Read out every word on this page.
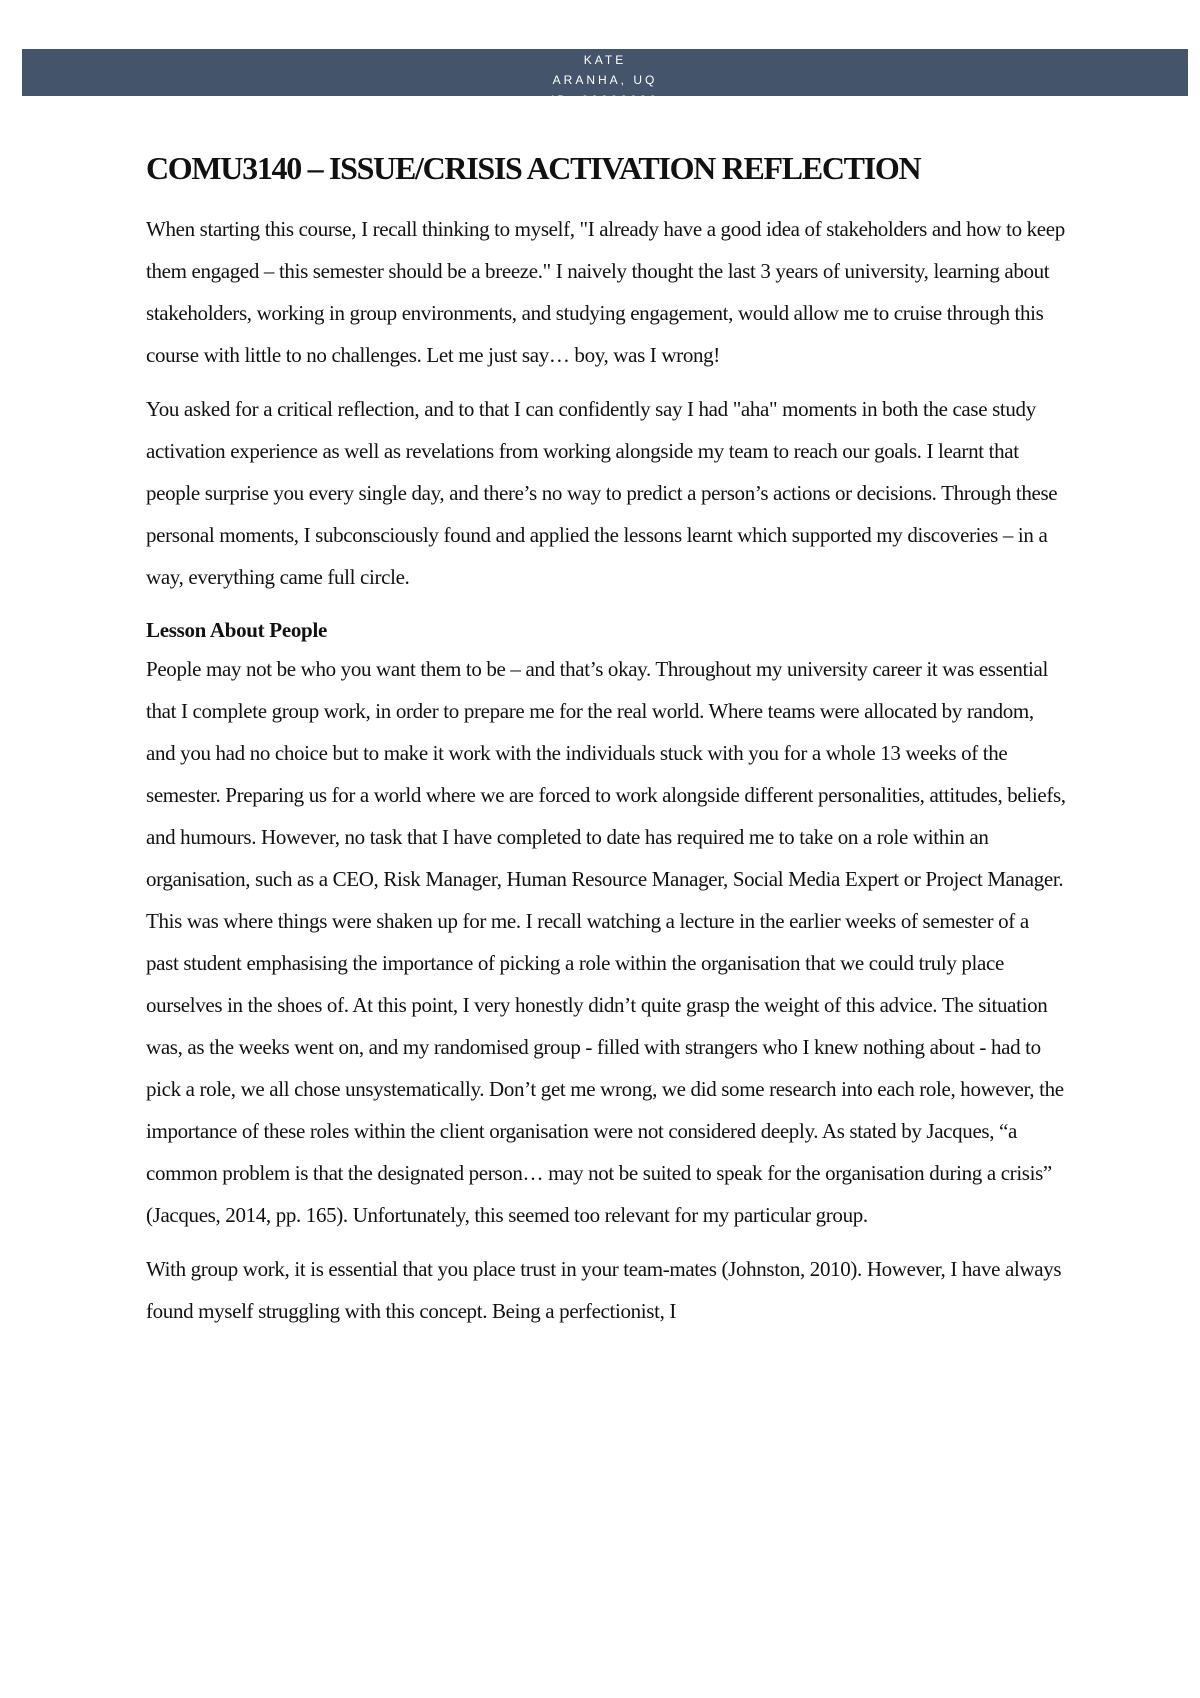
KATE
ARANHA, UQ
ID: 00000000
COMU3140 – ISSUE/CRISIS ACTIVATION REFLECTION

When starting this course, I recall thinking to myself, "I already have a good idea of stakeholders and how to keep them engaged – this semester should be a breeze." I naively thought the last 3 years of university, learning about stakeholders, working in group environments, and studying engagement, would allow me to cruise through this course with little to no challenges. Let me just say… boy, was I wrong!

You asked for a critical reflection, and to that I can confidently say I had "aha" moments in both the case study activation experience as well as revelations from working alongside my team to reach our goals. I learnt that people surprise you every single day, and there’s no way to predict a person’s actions or decisions. Through these personal moments, I subconsciously found and applied the lessons learnt which supported my discoveries – in a way, everything came full circle.

Lesson About People

People may not be who you want them to be – and that’s okay. Throughout my university career it was essential that I complete group work, in order to prepare me for the real world. Where teams were allocated by random, and you had no choice but to make it work with the individuals stuck with you for a whole 13 weeks of the semester. Preparing us for a world where we are forced to work alongside different personalities, attitudes, beliefs, and humours. However, no task that I have completed to date has required me to take on a role within an organisation, such as a CEO, Risk Manager, Human Resource Manager, Social Media Expert or Project Manager. This was where things were shaken up for me. I recall watching a lecture in the earlier weeks of semester of a past student emphasising the importance of picking a role within the organisation that we could truly place ourselves in the shoes of. At this point, I very honestly didn’t quite grasp the weight of this advice. The situation was, as the weeks went on, and my randomised group - filled with strangers who I knew nothing about - had to pick a role, we all chose unsystematically. Don’t get me wrong, we did some research into each role, however, the importance of these roles within the client organisation were not considered deeply. As stated by Jacques, “a common problem is that the designated person… may not be suited to speak for the organisation during a crisis” (Jacques, 2014, pp. 165). Unfortunately, this seemed too relevant for my particular group.

With group work, it is essential that you place trust in your team-mates (Johnston, 2010). However, I have always found myself struggling with this concept. Being a perfectionist, I
